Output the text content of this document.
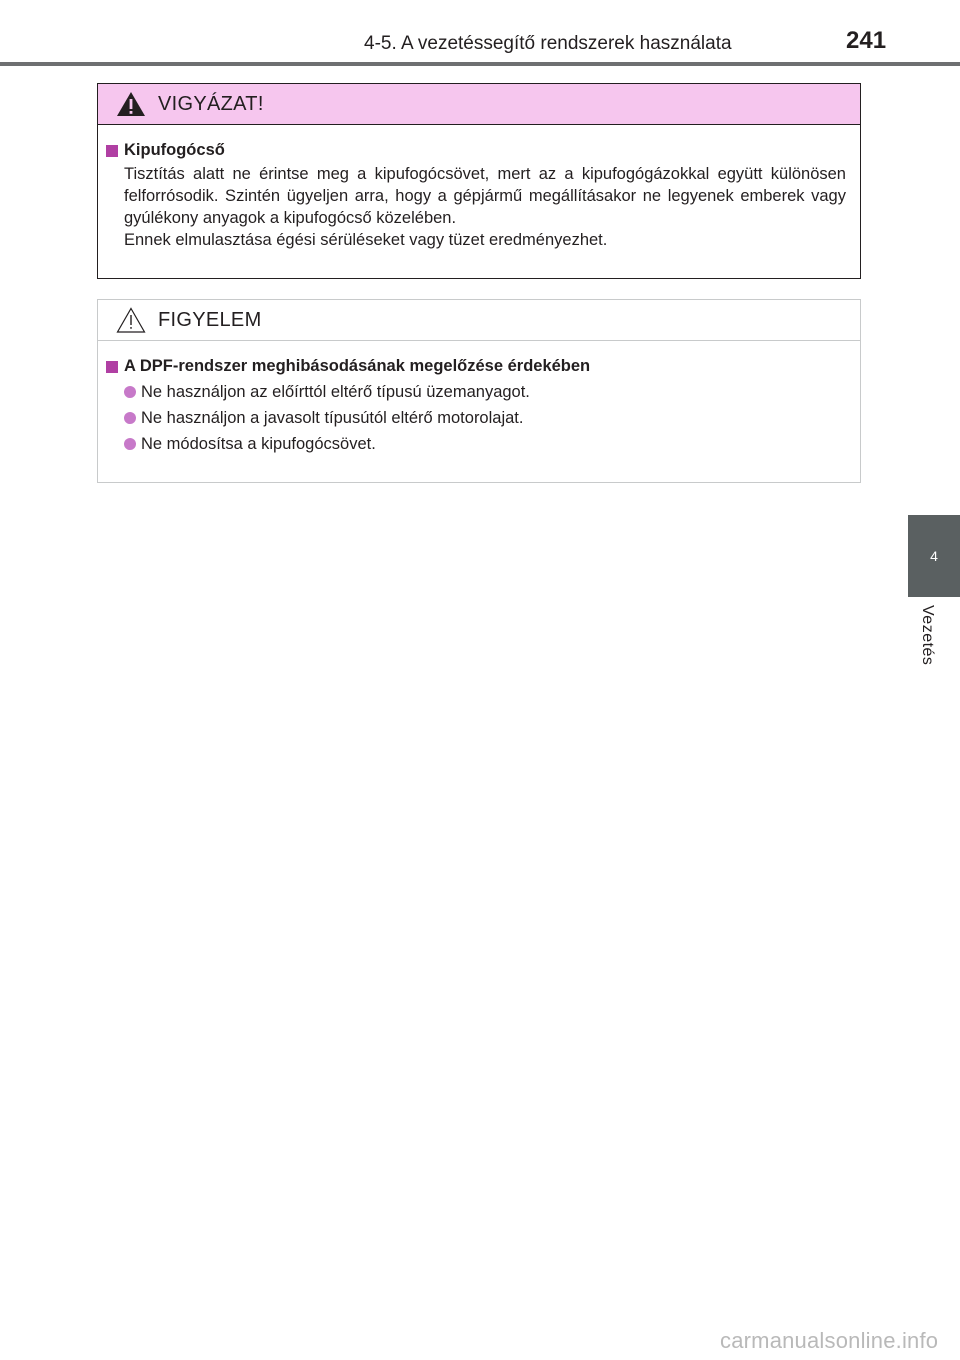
4-5. A vezetéssegítő rendszerek használata	241
4
Vezetés
VIGYÁZAT!
Kipufogócső

Tisztítás alatt ne érintse meg a kipufogócsövet, mert az a kipufogógázokkal együtt különösen felforrósodik. Szintén ügyeljen arra, hogy a gépjármű megállításakor ne legyenek emberek vagy gyúlékony anyagok a kipufogócső közelében.

Ennek elmulasztása égési sérüléseket vagy tüzet eredményezhet.

FIGYELEM
A DPF-rendszer meghibásodásának megelőzése érdekében
Ne használjon az előírttól eltérő típusú üzemanyagot.
Ne használjon a javasolt típusútól eltérő motorolajat.
Ne módosítsa a kipufogócsövet.
carmanualsonline.info
